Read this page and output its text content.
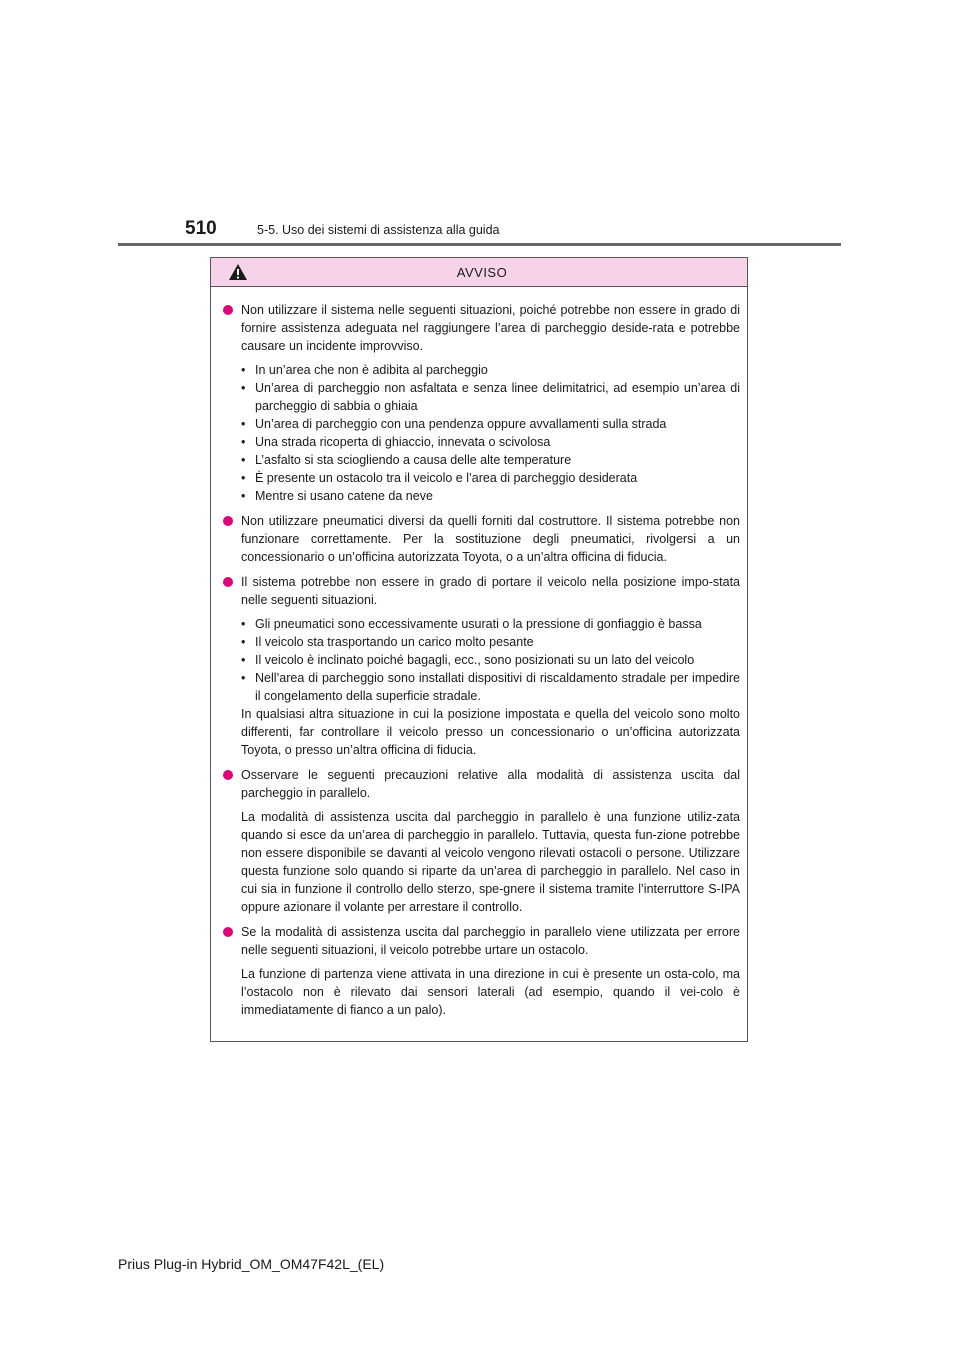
510	5-5. Uso dei sistemi di assistenza alla guida
AVVISO
Non utilizzare il sistema nelle seguenti situazioni, poiché potrebbe non essere in grado di fornire assistenza adeguata nel raggiungere l’area di parcheggio deside-rata e potrebbe causare un incidente improvviso.
• In un’area che non è adibita al parcheggio
• Un’area di parcheggio non asfaltata e senza linee delimitatrici, ad esempio un’area di parcheggio di sabbia o ghiaia
• Un’area di parcheggio con una pendenza oppure avvallamenti sulla strada
• Una strada ricoperta di ghiaccio, innevata o scivolosa
• L’asfalto si sta sciogliendo a causa delle alte temperature
• È presente un ostacolo tra il veicolo e l’area di parcheggio desiderata
• Mentre si usano catene da neve
Non utilizzare pneumatici diversi da quelli forniti dal costruttore. Il sistema potrebbe non funzionare correttamente. Per la sostituzione degli pneumatici, rivolgersi a un concessionario o un’officina autorizzata Toyota, o a un’altra officina di fiducia.
Il sistema potrebbe non essere in grado di portare il veicolo nella posizione impo-stata nelle seguenti situazioni.
• Gli pneumatici sono eccessivamente usurati o la pressione di gonfiaggio è bassa
• Il veicolo sta trasportando un carico molto pesante
• Il veicolo è inclinato poiché bagagli, ecc., sono posizionati su un lato del veicolo
• Nell’area di parcheggio sono installati dispositivi di riscaldamento stradale per impedire il congelamento della superficie stradale.
In qualsiasi altra situazione in cui la posizione impostata e quella del veicolo sono molto differenti, far controllare il veicolo presso un concessionario o un’officina autorizzata Toyota, o presso un’altra officina di fiducia.
Osservare le seguenti precauzioni relative alla modalità di assistenza uscita dal parcheggio in parallelo.
La modalità di assistenza uscita dal parcheggio in parallelo è una funzione utiliz-zata quando si esce da un’area di parcheggio in parallelo. Tuttavia, questa fun-zione potrebbe non essere disponibile se davanti al veicolo vengono rilevati ostacoli o persone. Utilizzare questa funzione solo quando si riparte da un’area di parcheggio in parallelo. Nel caso in cui sia in funzione il controllo dello sterzo, spe-gnere il sistema tramite l’interruttore S-IPA oppure azionare il volante per arrestare il controllo.
Se la modalità di assistenza uscita dal parcheggio in parallelo viene utilizzata per errore nelle seguenti situazioni, il veicolo potrebbe urtare un ostacolo.
La funzione di partenza viene attivata in una direzione in cui è presente un osta-colo, ma l’ostacolo non è rilevato dai sensori laterali (ad esempio, quando il vei-colo è immediatamente di fianco a un palo).
Prius Plug-in Hybrid_OM_OM47F42L_(EL)
